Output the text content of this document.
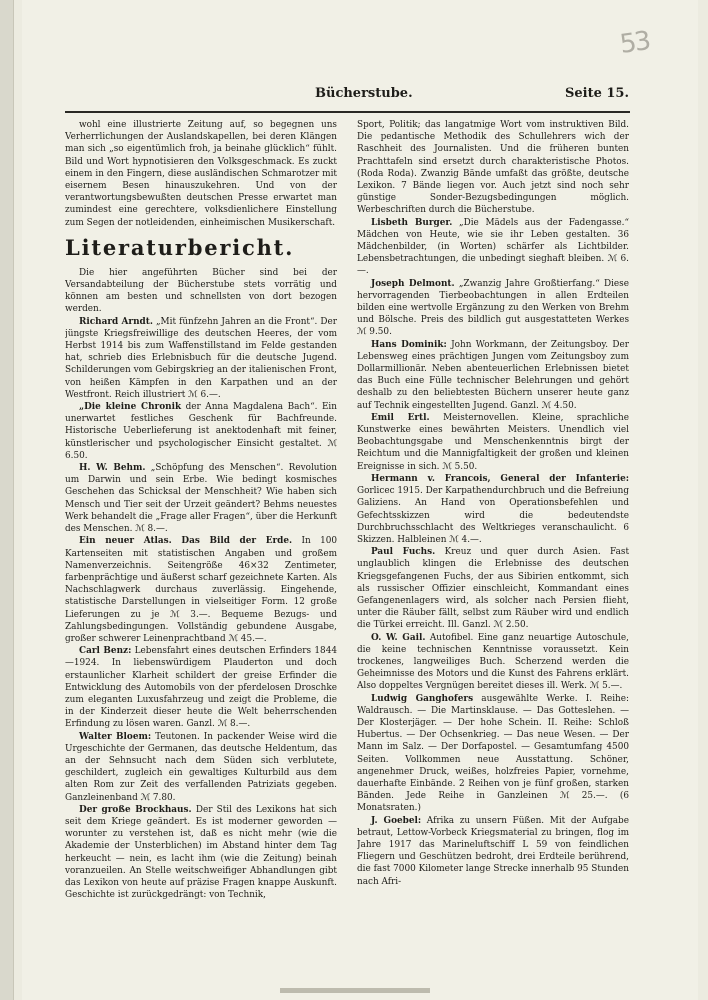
53
Bücherstube.	Seite 15.

wohl eine illustrierte Zeitung auf, so begegnen uns Verherrlichungen der Auslandskapellen, bei deren Klängen man sich „so eigentümlich froh, ja beinahe glücklich“ fühlt. Bild und Wort hypnotisieren den Volksgeschmack. Es zuckt einem in den Fingern, diese ausländischen Schmarotzer mit eisernem Besen hinauszukehren. Und von der verantwortungsbewußten deutschen Presse erwartet man zumindest eine gerechtere, volksdienlichere Einstellung zum Segen der notleidenden, einheimischen Musikerschaft.

Literaturbericht.

Die hier angeführten Bücher sind bei der Versandabteilung der Bücherstube stets vorrätig und können am besten und schnellsten von dort bezogen werden.

Richard Arndt. „Mit fünfzehn Jahren an die Front“. Der jüngste Kriegsfreiwillige des deutschen Heeres, der vom Herbst 1914 bis zum Waffenstillstand im Felde gestanden hat, schrieb dies Erlebnisbuch für die deutsche Jugend. Schilderungen vom Gebirgskrieg an der italienischen Front, von heißen Kämpfen in den Karpathen und an der Westfront. Reich illustriert ℳ 6.—.

„Die kleine Chronik der Anna Magdalena Bach“. Ein unerwartet festliches Geschenk für Bachfreunde. Historische Ueberlieferung ist anektodenhaft mit feiner, künstlerischer und psychologischer Einsicht gestaltet. ℳ 6.50.

H. W. Behm. „Schöpfung des Menschen“. Revolution um Darwin und sein Erbe. Wie bedingt kosmisches Geschehen das Schicksal der Menschheit? Wie haben sich Mensch und Tier seit der Urzeit geändert? Behms neuestes Werk behandelt die „Frage aller Fragen“, über die Herkunft des Menschen. ℳ 8.—.

Ein neuer Atlas. Das Bild der Erde. In 100 Kartenseiten mit statistischen Angaben und großem Namenverzeichnis. Seitengröße 46×32 Zentimeter, farbenprächtige und äußerst scharf gezeichnete Karten. Als Nachschlagwerk durchaus zuverlässig. Eingehende, statistische Darstellungen in vielseitiger Form. 12 große Lieferungen zu je ℳ 3.—. Bequeme Bezugs- und Zahlungsbedingungen. Vollständig gebundene Ausgabe, großer schwerer Leinenprachtband ℳ 45.—.

Carl Benz: Lebensfahrt eines deutschen Erfinders 1844—1924. In liebenswürdigem Plauderton und doch erstaunlicher Klarheit schildert der greise Erfinder die Entwicklung des Automobils von der pferdelosen Droschke zum eleganten Luxusfahrzeug und zeigt die Probleme, die in der Kinderzeit dieser heute die Welt beherrschenden Erfindung zu lösen waren. Ganzl. ℳ 8.—.

Walter Bloem: Teutonen. In packender Weise wird die Urgeschichte der Germanen, das deutsche Heldentum, das an der Sehnsucht nach dem Süden sich verblutete, geschildert, zugleich ein gewaltiges Kulturbild aus dem alten Rom zur Zeit des verfallenden Patriziats gegeben. Ganzleinenband ℳ 7.80.

Der große Brockhaus. Der Stil des Lexikons hat sich seit dem Kriege geändert. Es ist moderner geworden — worunter zu verstehen ist, daß es nicht mehr (wie die Akademie der Unsterblichen) im Abstand hinter dem Tag herkeucht — nein, es lacht ihm (wie die Zeitung) beinah voranzueilen. An Stelle weitschweifiger Abhandlungen gibt das Lexikon von heute auf präzise Fragen knappe Auskunft. Geschichte ist zurückgedrängt: von Technik,

Sport, Politik; das langatmige Wort vom instruktiven Bild. Die pedantische Methodik des Schullehrers wich der Raschheit des Journalisten. Und die früheren bunten Prachttafeln sind ersetzt durch charakteristische Photos. (Roda Roda). Zwanzig Bände umfaßt das größte, deutsche Lexikon. 7 Bände liegen vor. Auch jetzt sind noch sehr günstige Sonder-Bezugsbedingungen möglich. Werbeschriften durch die Bücherstube.

Lisbeth Burger. „Die Mädels aus der Fadengasse.“ Mädchen von Heute, wie sie ihr Leben gestalten. 36 Mädchenbilder, (in Worten) schärfer als Lichtbilder. Lebensbetrachtungen, die unbedingt sieghaft bleiben. ℳ 6.—.

Joseph Delmont. „Zwanzig Jahre Großtierfang.“ Diese hervorragenden Tierbeobachtungen in allen Erdteilen bilden eine wertvolle Ergänzung zu den Werken von Brehm und Bölsche. Preis des bildlich gut ausgestatteten Werkes ℳ 9.50.

Hans Dominik: John Workmann, der Zeitungsboy. Der Lebensweg eines prächtigen Jungen vom Zeitungsboy zum Dollarmillionär. Neben abenteuerlichen Erlebnissen bietet das Buch eine Fülle technischer Belehrungen und gehört deshalb zu den beliebtesten Büchern unserer heute ganz auf Technik eingestellten Jugend. Ganzl. ℳ 4.50.

Emil Ertl. Meisternovellen. Kleine, sprachliche Kunstwerke eines bewährten Meisters. Unendlich viel Beobachtungsgabe und Menschenkenntnis birgt der Reichtum und die Mannigfaltigkeit der großen und kleinen Ereignisse in sich. ℳ 5.50.

Hermann v. Francois, General der Infanterie: Gorlicec 1915. Der Karpathendurchbruch und die Befreiung Galiziens. An Hand von Operationsbefehlen und Gefechtsskizzen wird die bedeutendste Durchbruchsschlacht des Weltkrieges veranschaulicht. 6 Skizzen. Halbleinen ℳ 4.—.

Paul Fuchs. Kreuz und quer durch Asien. Fast unglaublich klingen die Erlebnisse des deutschen Kriegsgefangenen Fuchs, der aus Sibirien entkommt, sich als russischer Offizier einschleicht, Kommandant eines Gefangenenlagers wird, als solcher nach Persien flieht, unter die Räuber fällt, selbst zum Räuber wird und endlich die Türkei erreicht. Ill. Ganzl. ℳ 2.50.

O. W. Gail. Autofibel. Eine ganz neuartige Autoschule, die keine technischen Kenntnisse voraussetzt. Kein trockenes, langweiliges Buch. Scherzend werden die Geheimnisse des Motors und die Kunst des Fahrens erklärt. Also doppeltes Vergnügen bereitet dieses ill. Werk. ℳ 5.—.

Ludwig Ganghofers ausgewählte Werke. I. Reihe: Waldrausch. — Die Martinsklause. — Das Gotteslehen. — Der Klosterjäger. — Der hohe Schein. II. Reihe: Schloß Hubertus. — Der Ochsenkrieg. — Das neue Wesen. — Der Mann im Salz. — Der Dorfapostel. — Gesamtumfang 4500 Seiten. Vollkommen neue Ausstattung. Schöner, angenehmer Druck, weißes, holzfreies Papier, vornehme, dauerhafte Einbände. 2 Reihen von je fünf großen, starken Bänden. Jede Reihe in Ganzleinen ℳ 25.—. (6 Monatsraten.)

J. Goebel: Afrika zu unsern Füßen. Mit der Aufgabe betraut, Lettow-Vorbeck Kriegsmaterial zu bringen, flog im Jahre 1917 das Marineluftschiff L 59 von feindlichen Fliegern und Geschützen bedroht, drei Erdteile berührend, die fast 7000 Kilometer lange Strecke innerhalb 95 Stunden nach Afri-
